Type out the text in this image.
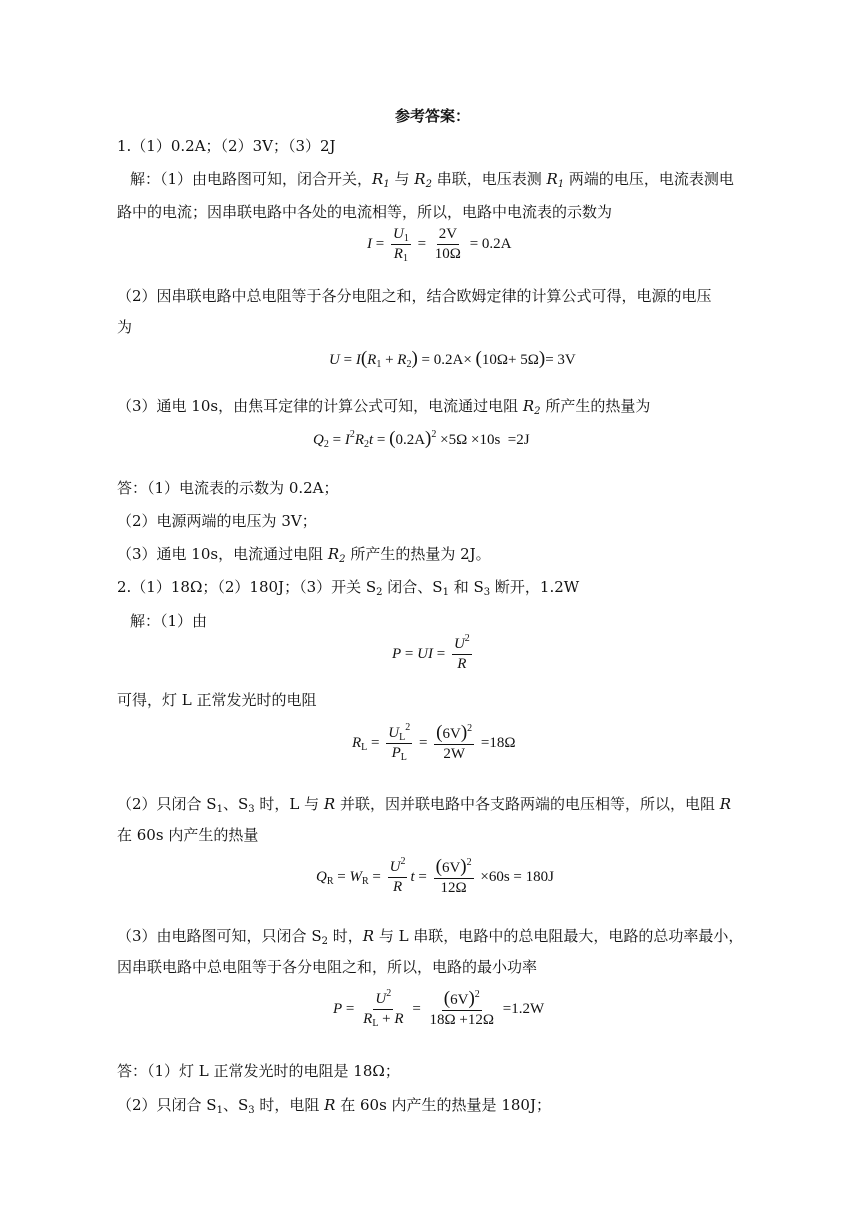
参考答案：
1.（1）0.2A；（2）3V；（3）2J
解：（1）由电路图可知，闭合开关，$R_1$ 与 $R_2$ 串联，电压表测 $R_1$ 两端的电压，电流表测电
路中的电流；因串联电路中各处的电流相等，所以，电路中电流表的示数为
$I = \frac{U_1}{R_1} = \frac{2V}{10\Omega} = 0.2A$
（2）因串联电路中总电阻等于各分电阻之和，结合欧姆定律的计算公式可得，电源的电压
为
$U = I(R_1 + R_2) = 0.2A\times (10\Omega+ 5\Omega)= 3V$
（3）通电 10s，由焦耳定律的计算公式可知，电流通过电阻 $R_2$ 所产生的热量为
$Q_2 = I^2R_2t = (0.2A)^2 \times 5\Omega \times 10s =2J$
答：（1）电流表的示数为 0.2A；
（2）电源两端的电压为 3V；
（3）通电 10s，电流通过电阻 $R_2$ 所产生的热量为 2J。
2.（1）18Ω；（2）180J；（3）开关 $S_2$ 闭合、$S_1$ 和 $S_3$ 断开，1.2W
解：（1）由
P = UI = $\frac{U^2}{R}$
可得，灯 L 正常发光时的电阻
$R_L = \frac{U_L^2}{P_L} = \frac{(6V)^2}{2W} =18\Omega$
（2）只闭合 $S_1$、$S_3$ 时，L 与 R 并联，因并联电路中各支路两端的电压相等，所以，电阻 R
在 60s 内产生的热量
$Q_R = W_R = \frac{U^2}{R}$ $t = \frac{(6V)^2}{12\Omega} \times 60s = 180J$
（3）由电路图可知，只闭合 $S_2$ 时，R 与 L 串联，电路中的总电阻最大，电路的总功率最小，
因串联电路中总电阻等于各分电阻之和，所以，电路的最小功率
$P = \frac{U^2}{R_L + R} = \frac{(6V)^2}{18\Omega +12\Omega} =1.2W$
答：（1）灯 L 正常发光时的电阻是 18Ω；
（2）只闭合 $S_1$、$S_3$ 时，电阻 R 在 60s 内产生的热量是 180J；
